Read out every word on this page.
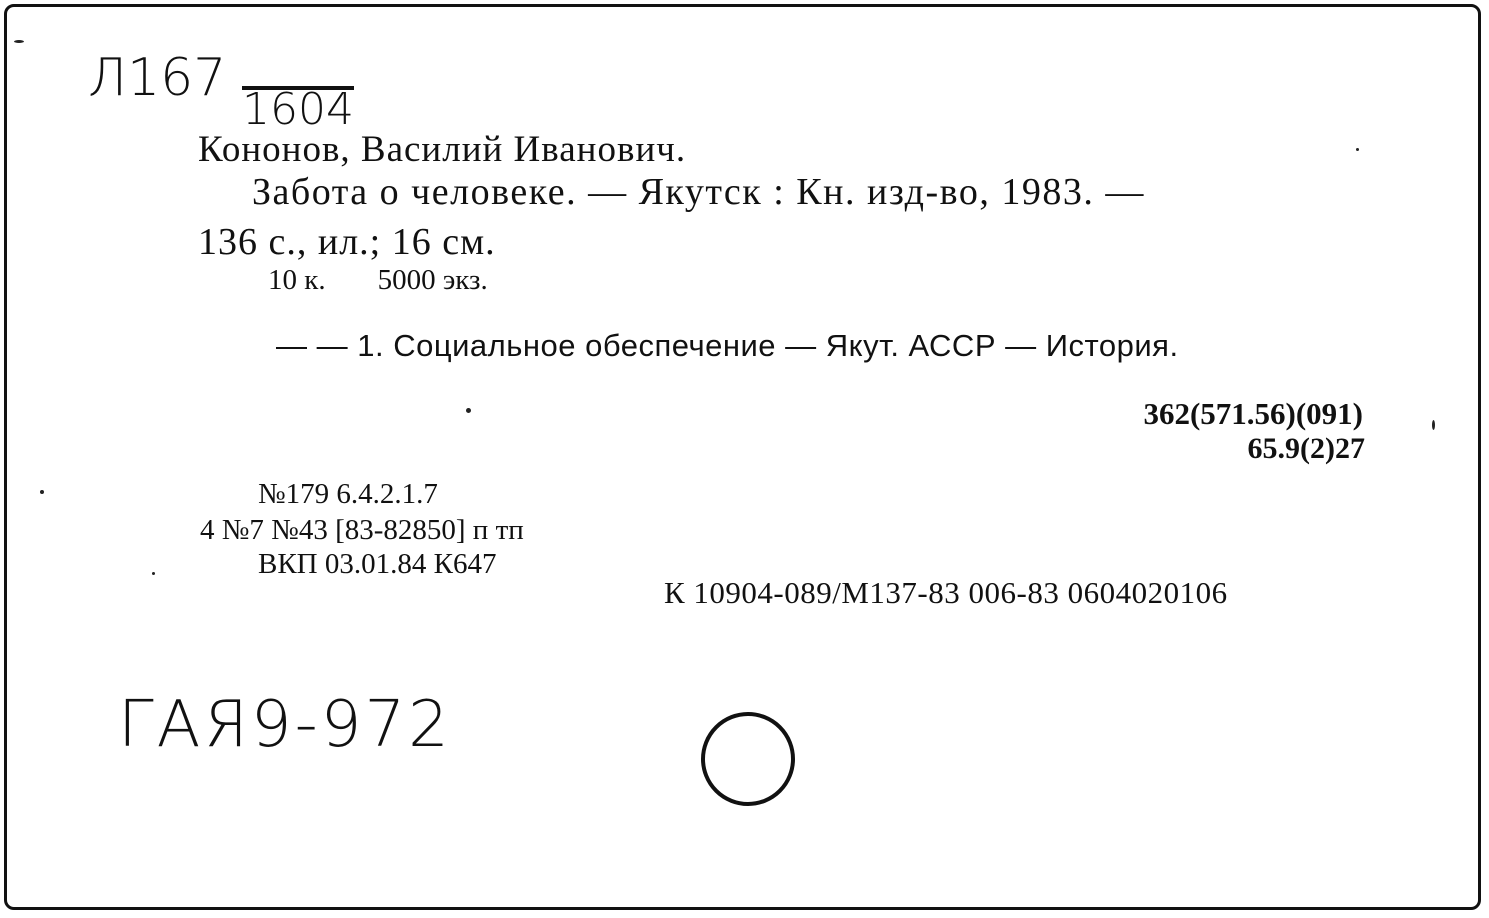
Л167
1604
Кононов, Василий Иванович.
Забота о человеке. — Якутск : Кн. изд-во, 1983. —
136 с., ил.; 16 см.
10 к. 5000 экз.
— — 1. Социальное обеспечение — Якут. АССР — История.
362(571.56)(091)
65.9(2)27
№179 6.4.2.1.7
4 №7 №43 [83-82850] п тп
ВКП 03.01.84 К647
К 10904-089/М137-83 006-83 0604020106
ГАЯ9-972
